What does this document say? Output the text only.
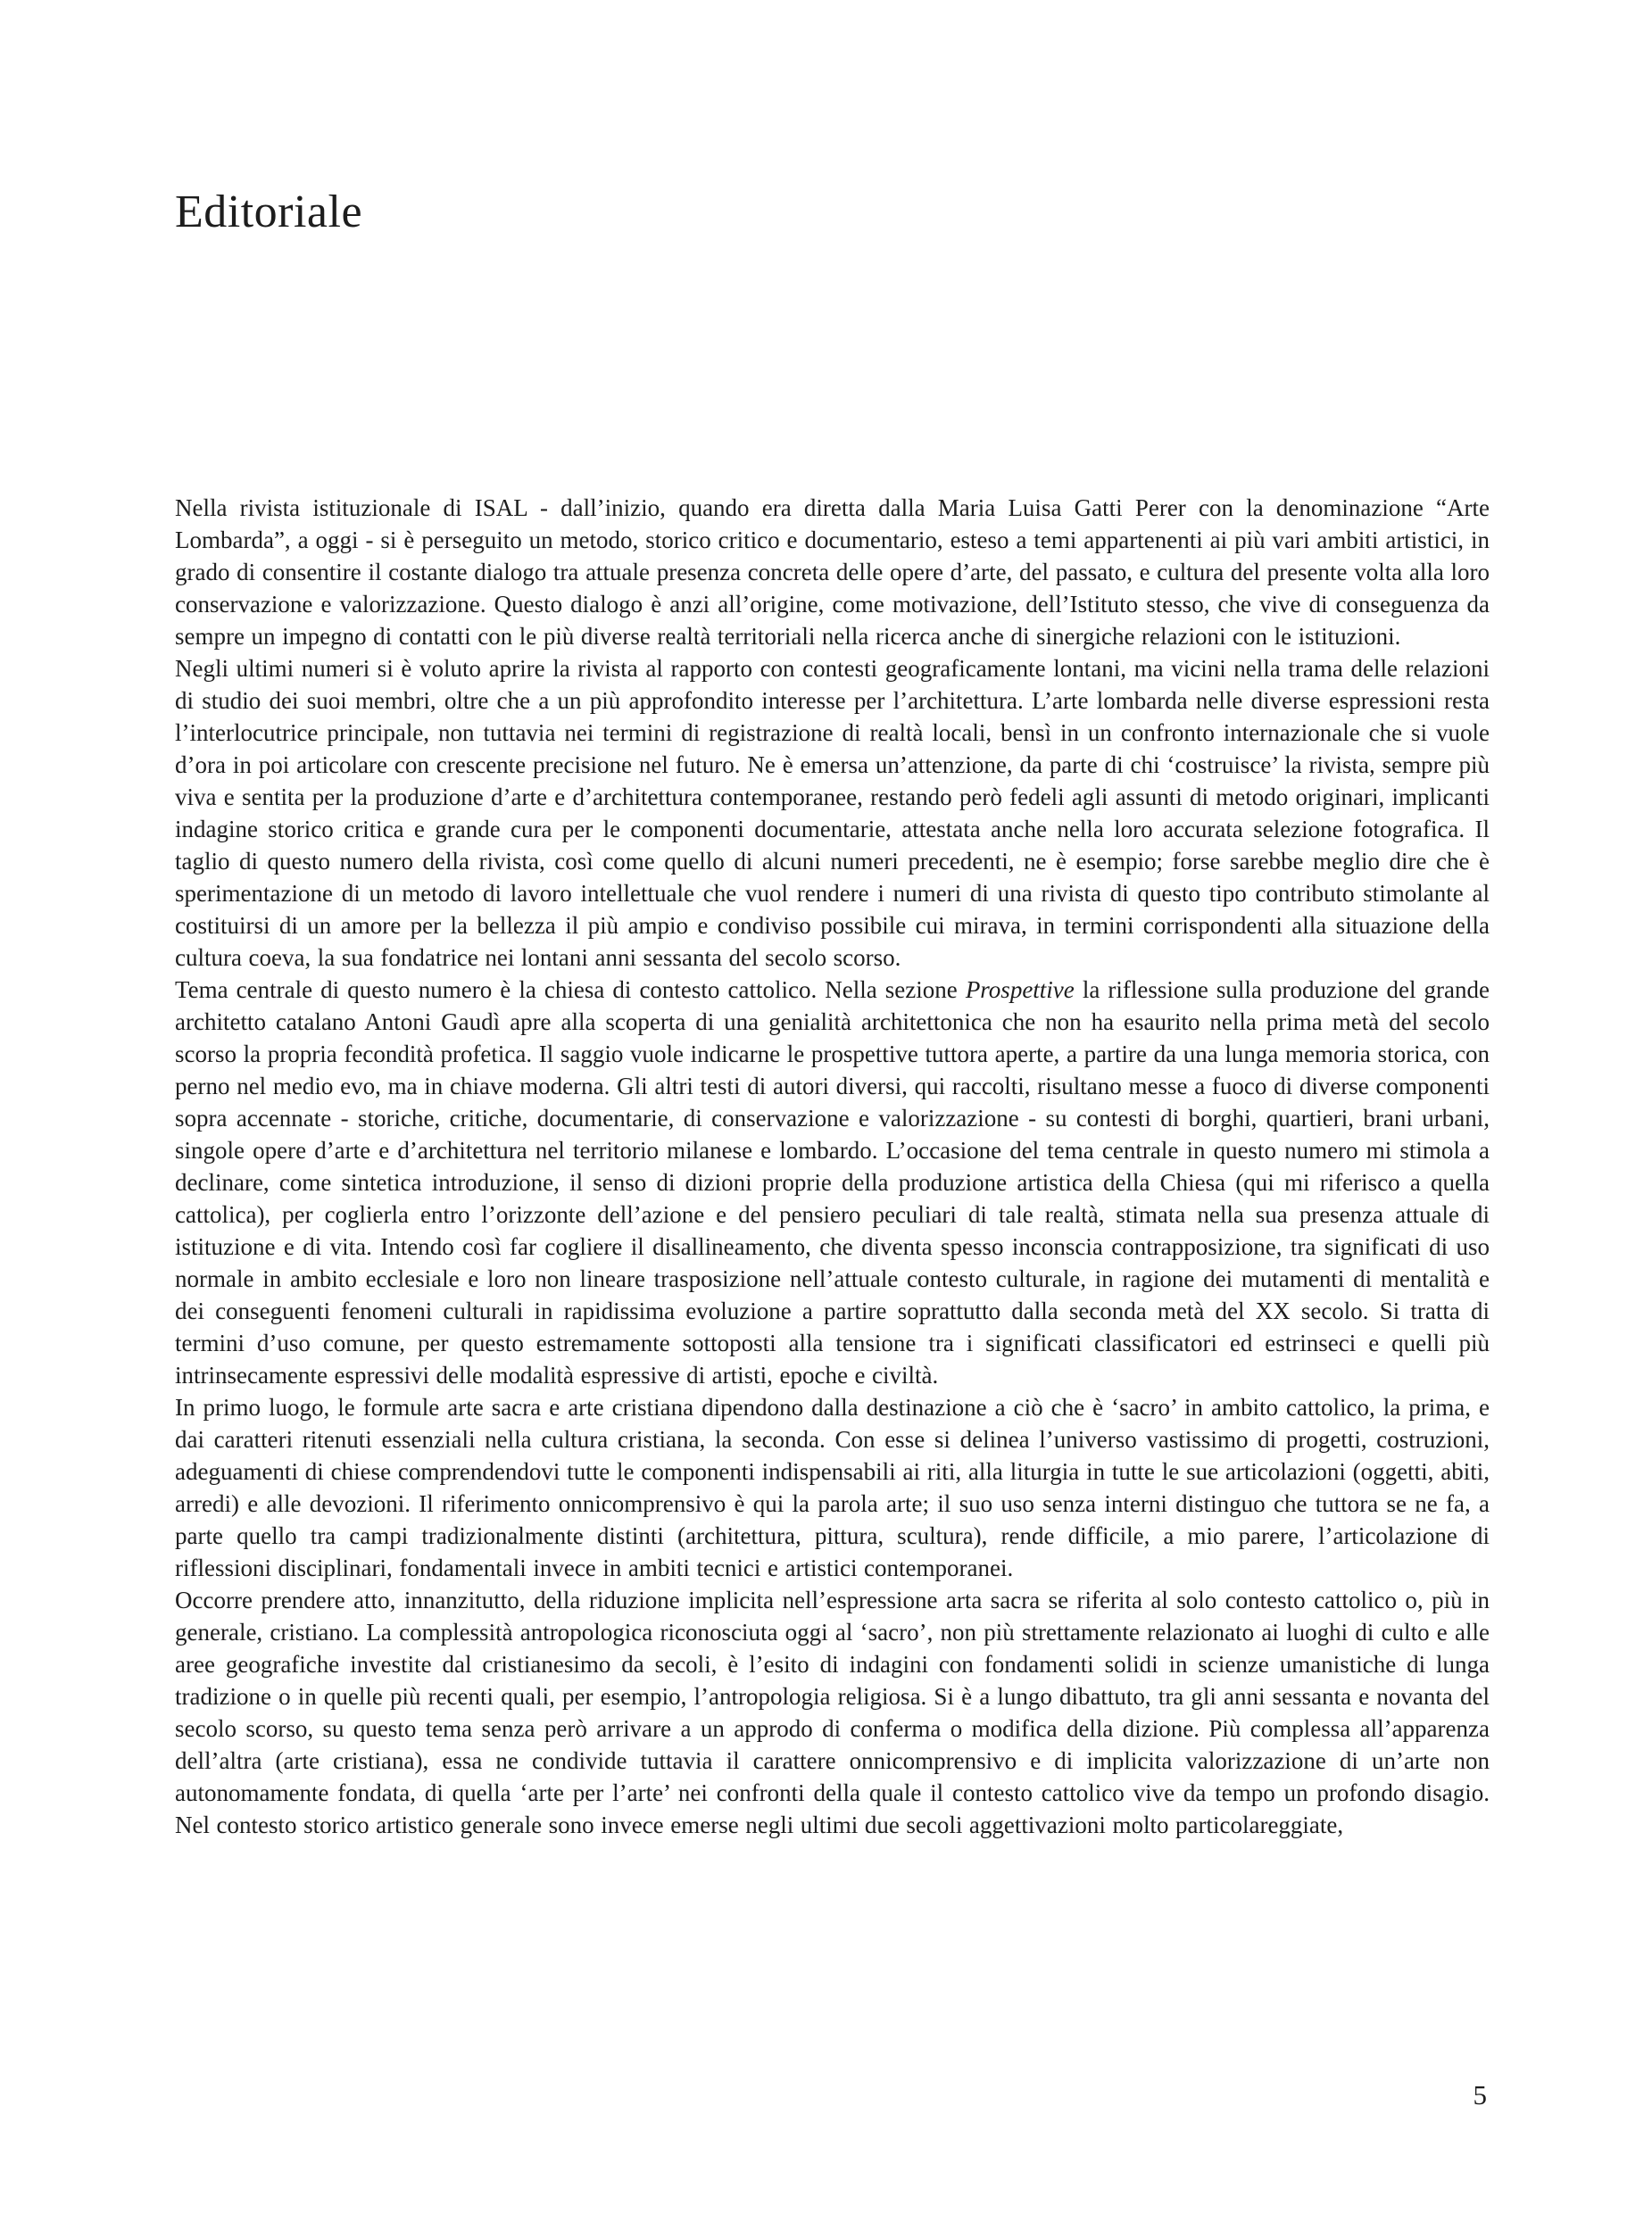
Editoriale

Nella rivista istituzionale di ISAL - dall’inizio, quando era diretta dalla Maria Luisa Gatti Perer con la denominazione “Arte Lombarda”, a oggi - si è perseguito un metodo, storico critico e documentario, esteso a temi appartenenti ai più vari ambiti artistici, in grado di consentire il costante dialogo tra attuale presenza concreta delle opere d’arte, del passato, e cultura del presente volta alla loro conservazione e valorizzazione. Questo dialogo è anzi all’origine, come motivazione, dell’Istituto stesso, che vive di conseguenza da sempre un impegno di contatti con le più diverse realtà territoriali nella ricerca anche di sinergiche relazioni con le istituzioni.

Negli ultimi numeri si è voluto aprire la rivista al rapporto con contesti geograficamente lontani, ma vicini nella trama delle relazioni di studio dei suoi membri, oltre che a un più approfondito interesse per l’architettura. L’arte lombarda nelle diverse espressioni resta l’interlocutrice principale, non tuttavia nei termini di registrazione di realtà locali, bensì in un confronto internazionale che si vuole d’ora in poi articolare con crescente precisione nel futuro. Ne è emersa un’attenzione, da parte di chi ‘costruisce’ la rivista, sempre più viva e sentita per la produzione d’arte e d’architettura contemporanee, restando però fedeli agli assunti di metodo originari, implicanti indagine storico critica e grande cura per le componenti documentarie, attestata anche nella loro accurata selezione fotografica. Il taglio di questo numero della rivista, così come quello di alcuni numeri precedenti, ne è esempio; forse sarebbe meglio dire che è sperimentazione di un metodo di lavoro intellettuale che vuol rendere i numeri di una rivista di questo tipo contributo stimolante al costituirsi di un amore per la bellezza il più ampio e condiviso possibile cui mirava, in termini corrispondenti alla situazione della cultura coeva, la sua fondatrice nei lontani anni sessanta del secolo scorso.

Tema centrale di questo numero è la chiesa di contesto cattolico. Nella sezione Prospettive la riflessione sulla produzione del grande architetto catalano Antoni Gaudì apre alla scoperta di una genialità architettonica che non ha esaurito nella prima metà del secolo scorso la propria fecondità profetica. Il saggio vuole indicarne le prospettive tuttora aperte, a partire da una lunga memoria storica, con perno nel medio evo, ma in chiave moderna. Gli altri testi di autori diversi, qui raccolti, risultano messe a fuoco di diverse componenti sopra accennate - storiche, critiche, documentarie, di conservazione e valorizzazione - su contesti di borghi, quartieri, brani urbani, singole opere d’arte e d’architettura nel territorio milanese e lombardo. L’occasione del tema centrale in questo numero mi stimola a declinare, come sintetica introduzione, il senso di dizioni proprie della produzione artistica della Chiesa (qui mi riferisco a quella cattolica), per coglierla entro l’orizzonte dell’azione e del pensiero peculiari di tale realtà, stimata nella sua presenza attuale di istituzione e di vita. Intendo così far cogliere il disallineamento, che diventa spesso inconscia contrapposizione, tra significati di uso normale in ambito ecclesiale e loro non lineare trasposizione nell’attuale contesto culturale, in ragione dei mutamenti di mentalità e dei conseguenti fenomeni culturali in rapidissima evoluzione a partire soprattutto dalla seconda metà del XX secolo. Si tratta di termini d’uso comune, per questo estremamente sottoposti alla tensione tra i significati classificatori ed estrinseci e quelli più intrinsecamente espressivi delle modalità espressive di artisti, epoche e civiltà.

In primo luogo, le formule arte sacra e arte cristiana dipendono dalla destinazione a ciò che è ‘sacro’ in ambito cattolico, la prima, e dai caratteri ritenuti essenziali nella cultura cristiana, la seconda. Con esse si delinea l’universo vastissimo di progetti, costruzioni, adeguamenti di chiese comprendendovi tutte le componenti indispensabili ai riti, alla liturgia in tutte le sue articolazioni (oggetti, abiti, arredi) e alle devozioni. Il riferimento onnicomprensivo è qui la parola arte; il suo uso senza interni distinguo che tuttora se ne fa, a parte quello tra campi tradizionalmente distinti (architettura, pittura, scultura), rende difficile, a mio parere, l’articolazione di riflessioni disciplinari, fondamentali invece in ambiti tecnici e artistici contemporanei.

Occorre prendere atto, innanzitutto, della riduzione implicita nell’espressione arta sacra se riferita al solo contesto cattolico o, più in generale, cristiano. La complessità antropologica riconosciuta oggi al ‘sacro’, non più strettamente relazionato ai luoghi di culto e alle aree geografiche investite dal cristianesimo da secoli, è l’esito di indagini con fondamenti solidi in scienze umanistiche di lunga tradizione o in quelle più recenti quali, per esempio, l’antropologia religiosa. Si è a lungo dibattuto, tra gli anni sessanta e novanta del secolo scorso, su questo tema senza però arrivare a un approdo di conferma o modifica della dizione. Più complessa all’apparenza dell’altra (arte cristiana), essa ne condivide tuttavia il carattere onnicomprensivo e di implicita valorizzazione di un’arte non autonomamente fondata, di quella ‘arte per l’arte’ nei confronti della quale il contesto cattolico vive da tempo un profondo disagio. Nel contesto storico artistico generale sono invece emerse negli ultimi due secoli aggettivazioni molto particolareggiate,

5
